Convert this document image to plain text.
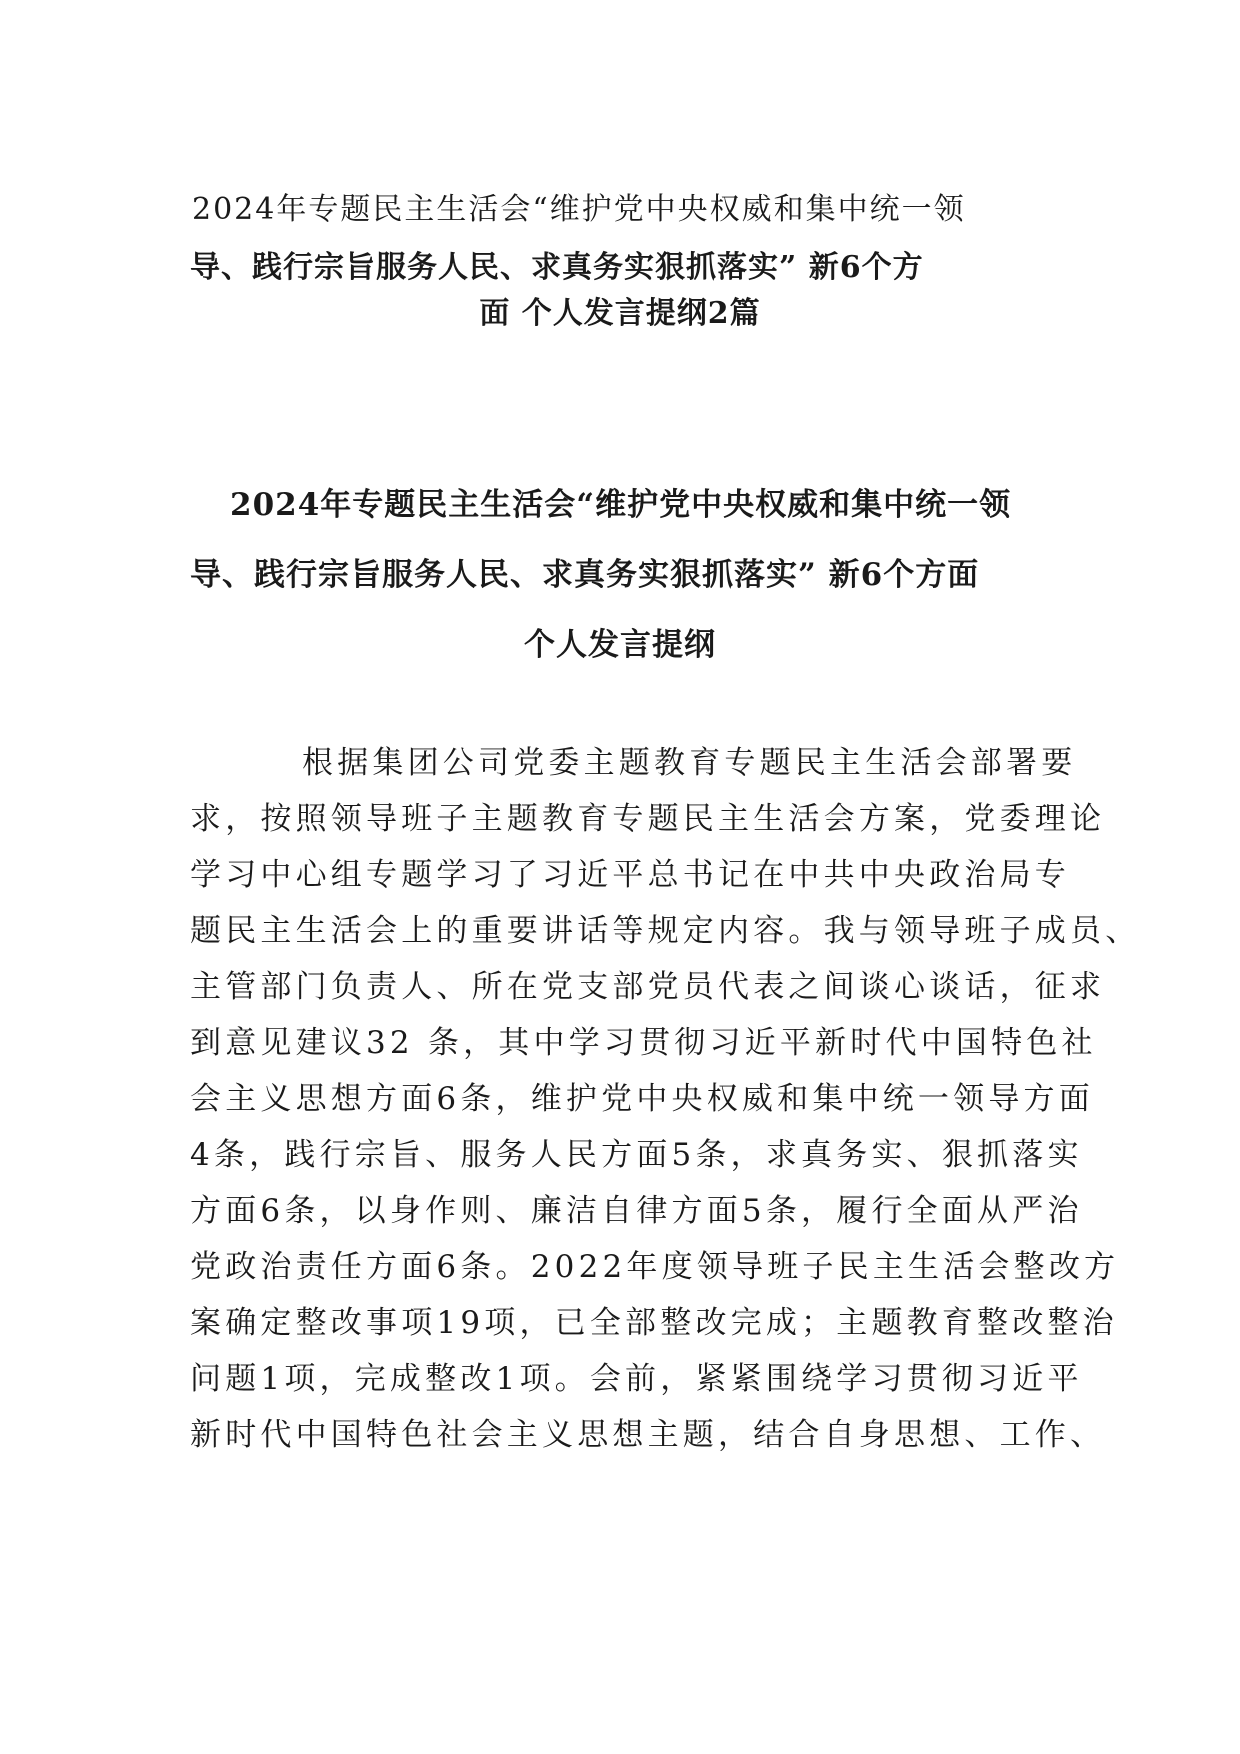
2024年专题民主生活会“维护党中央权威和集中统一领
导、践行宗旨服务人民、求真务实狠抓落实” 新6个方
面 个人发言提纲2篇
2024年专题民主生活会“维护党中央权威和集中统一领
导、践行宗旨服务人民、求真务实狠抓落实” 新6个方面
个人发言提纲
根据集团公司党委主题教育专题民主生活会部署要
求，按照领导班子主题教育专题民主生活会方案，党委理论
学习中心组专题学习了习近平总书记在中共中央政治局专
题民主生活会上的重要讲话等规定内容。我与领导班子成员、
主管部门负责人、所在党支部党员代表之间谈心谈话，征求
到意见建议32 条，其中学习贯彻习近平新时代中国特色社
会主义思想方面6条，维护党中央权威和集中统一领导方面
4条，践行宗旨、服务人民方面5条，求真务实、狠抓落实
方面6条，以身作则、廉洁自律方面5条，履行全面从严治
党政治责任方面6条。2022年度领导班子民主生活会整改方
案确定整改事项19项，已全部整改完成；主题教育整改整治
问题1项，完成整改1项。会前，紧紧围绕学习贯彻习近平
新时代中国特色社会主义思想主题，结合自身思想、工作、
